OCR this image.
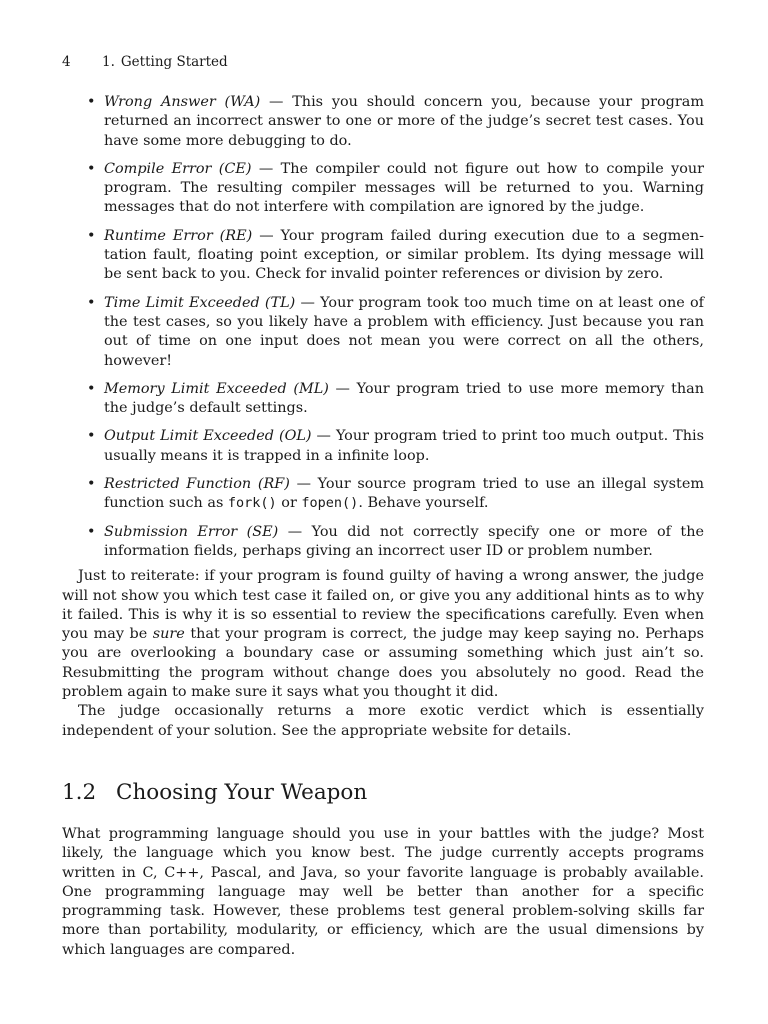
4 1. Getting Started
• Wrong Answer (WA) — This you should concern you, because your program returned an incorrect answer to one or more of the judge’s secret test cases. You have some more debugging to do.
• Compile Error (CE) — The compiler could not figure out how to compile your program. The resulting compiler messages will be returned to you. Warning messages that do not interfere with compilation are ignored by the judge.
• Runtime Error (RE) — Your program failed during execution due to a segmentation fault, floating point exception, or similar problem. Its dying message will be sent back to you. Check for invalid pointer references or division by zero.
• Time Limit Exceeded (TL) — Your program took too much time on at least one of the test cases, so you likely have a problem with efficiency. Just because you ran out of time on one input does not mean you were correct on all the others, however!
• Memory Limit Exceeded (ML) — Your program tried to use more memory than the judge’s default settings.
• Output Limit Exceeded (OL) — Your program tried to print too much output. This usually means it is trapped in a infinite loop.
• Restricted Function (RF) — Your source program tried to use an illegal system function such as fork() or fopen(). Behave yourself.
• Submission Error (SE) — You did not correctly specify one or more of the information fields, perhaps giving an incorrect user ID or problem number.

Just to reiterate: if your program is found guilty of having a wrong answer, the judge will not show you which test case it failed on, or give you any additional hints as to why it failed. This is why it is so essential to review the specifications carefully. Even when you may be sure that your program is correct, the judge may keep saying no. Perhaps you are overlooking a boundary case or assuming something which just ain’t so. Resubmitting the program without change does you absolutely no good. Read the problem again to make sure it says what you thought it did.

The judge occasionally returns a more exotic verdict which is essentially independent of your solution. See the appropriate website for details.

1.2 Choosing Your Weapon

What programming language should you use in your battles with the judge? Most likely, the language which you know best. The judge currently accepts programs written in C, C++, Pascal, and Java, so your favorite language is probably available. One programming language may well be better than another for a specific programming task. However, these problems test general problem-solving skills far more than portability, modularity, or efficiency, which are the usual dimensions by which languages are compared.
